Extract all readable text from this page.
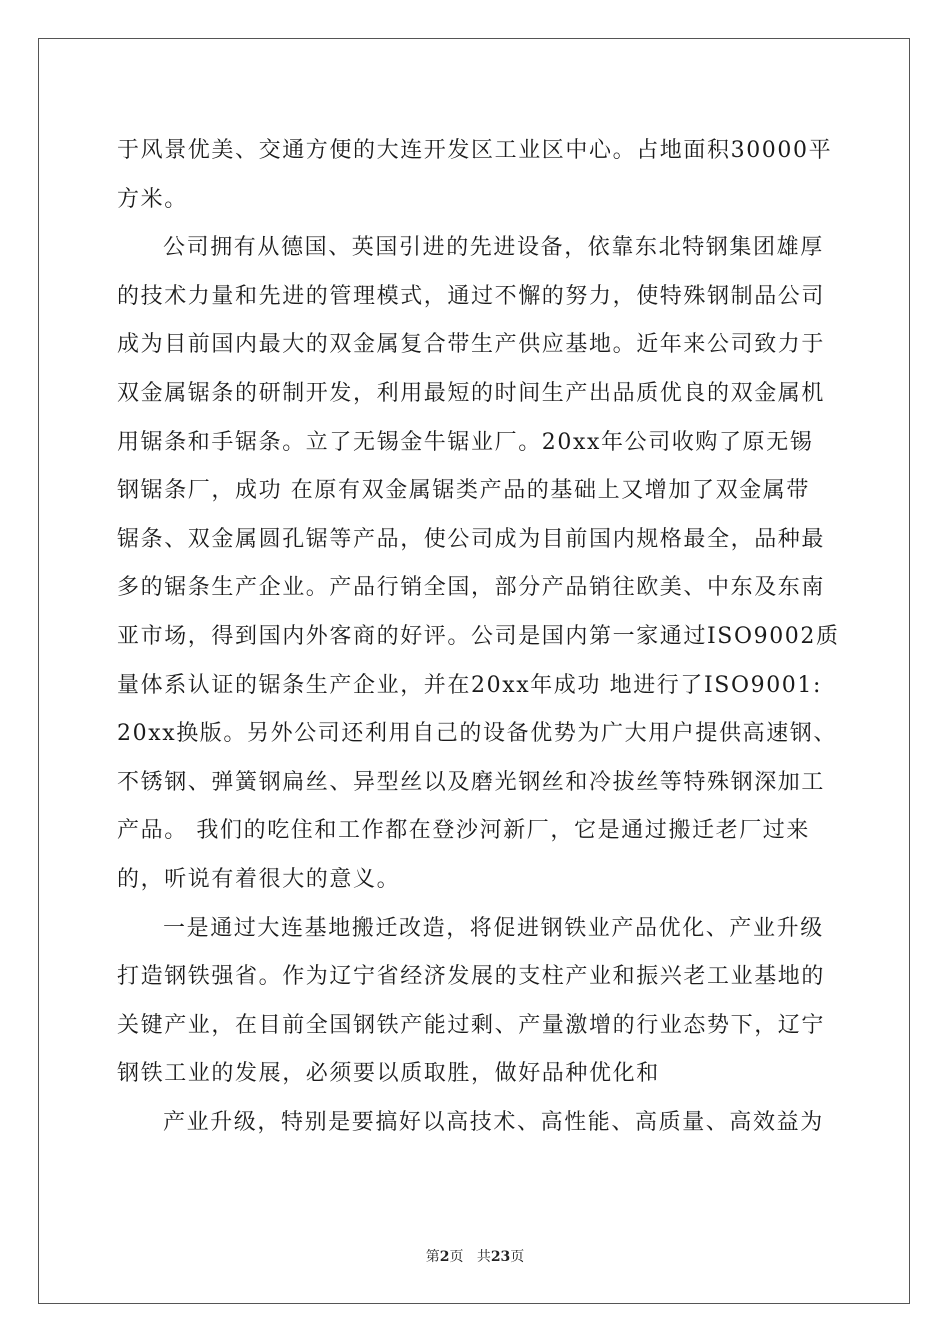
于风景优美、交通方便的大连开发区工业区中心。占地面积30000平
方米。
公司拥有从德国、英国引进的先进设备，依靠东北特钢集团雄厚
的技术力量和先进的管理模式，通过不懈的努力，使特殊钢制品公司
成为目前国内最大的双金属复合带生产供应基地。近年来公司致力于
双金属锯条的研制开发，利用最短的时间生产出品质优良的双金属机
用锯条和手锯条。立了无锡金牛锯业厂。20xx年公司收购了原无锡
钢锯条厂，成功 在原有双金属锯类产品的基础上又增加了双金属带
锯条、双金属圆孔锯等产品，使公司成为目前国内规格最全，品种最
多的锯条生产企业。产品行销全国，部分产品销往欧美、中东及东南
亚市场，得到国内外客商的好评。公司是国内第一家通过ISO9002质
量体系认证的锯条生产企业，并在20xx年成功 地进行了ISO9001:
20xx换版。另外公司还利用自己的设备优势为广大用户提供高速钢、
不锈钢、弹簧钢扁丝、异型丝以及磨光钢丝和冷拔丝等特殊钢深加工
产品。 我们的吃住和工作都在登沙河新厂，它是通过搬迁老厂过来
的，听说有着很大的意义。
一是通过大连基地搬迁改造，将促进钢铁业产品优化、产业升级
打造钢铁强省。作为辽宁省经济发展的支柱产业和振兴老工业基地的
关键产业，在目前全国钢铁产能过剩、产量激增的行业态势下，辽宁
钢铁工业的发展，必须要以质取胜，做好品种优化和
产业升级，特别是要搞好以高技术、高性能、高质量、高效益为
第2页 共23页
